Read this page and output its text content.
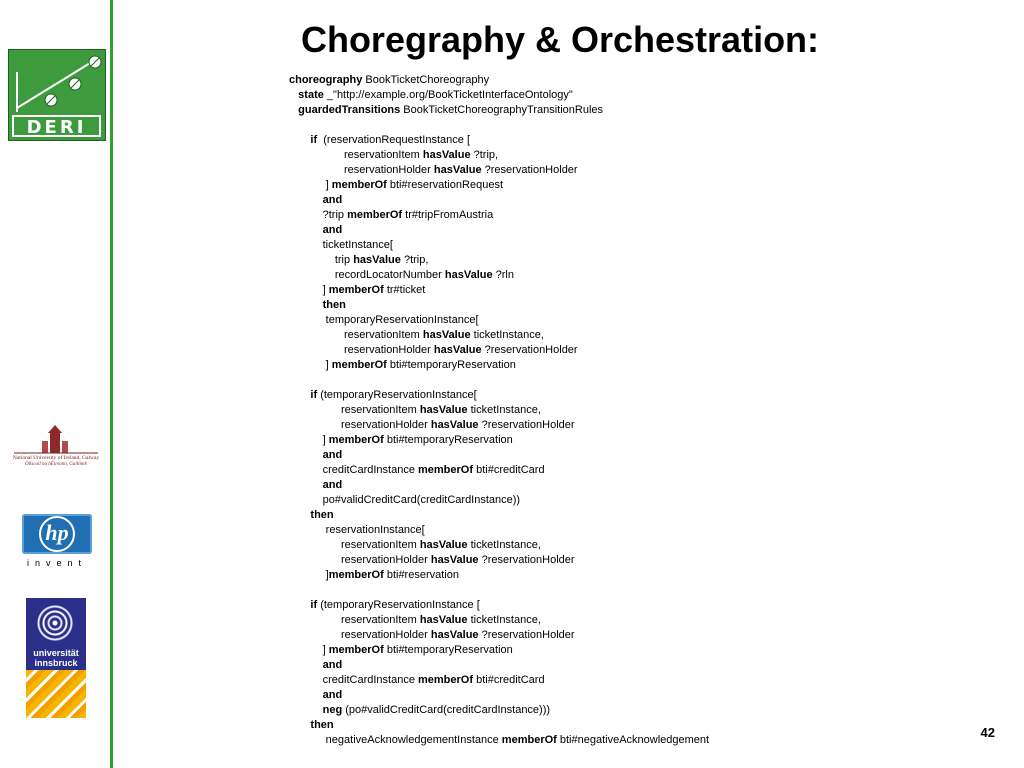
DERI
National University of Ireland, Galway
Ollscoil na hÉireann, Gaillimh
hp
invent
universität innsbruck
Choregraphy & Orchestration:
choreography BookTicketChoreography
state _"http://example.org/BookTicketInterfaceOntology"
guardedTransitions BookTicketChoreographyTransitionRules
if  (reservationRequestInstance [
reservationItem hasValue ?trip,
reservationHolder hasValue ?reservationHolder
] memberOf bti#reservationRequest
and
?trip memberOf tr#tripFromAustria
and
ticketInstance[
trip hasValue ?trip,
recordLocatorNumber hasValue ?rln
] memberOf tr#ticket
then
temporaryReservationInstance[
reservationItem hasValue ticketInstance,
reservationHolder hasValue ?reservationHolder
] memberOf bti#temporaryReservation
if (temporaryReservationInstance[
reservationItem hasValue ticketInstance,
reservationHolder hasValue ?reservationHolder
] memberOf bti#temporaryReservation
and
creditCardInstance memberOf bti#creditCard
and
po#validCreditCard(creditCardInstance))
then
reservationInstance[
reservationItem hasValue ticketInstance,
reservationHolder hasValue ?reservationHolder
]memberOf bti#reservation
if (temporaryReservationInstance [
reservationItem hasValue ticketInstance,
reservationHolder hasValue ?reservationHolder
] memberOf bti#temporaryReservation
and
creditCardInstance memberOf bti#creditCard
and
neg (po#validCreditCard(creditCardInstance)))
then
negativeAcknowledgementInstance memberOf bti#negativeAcknowledgement	42
